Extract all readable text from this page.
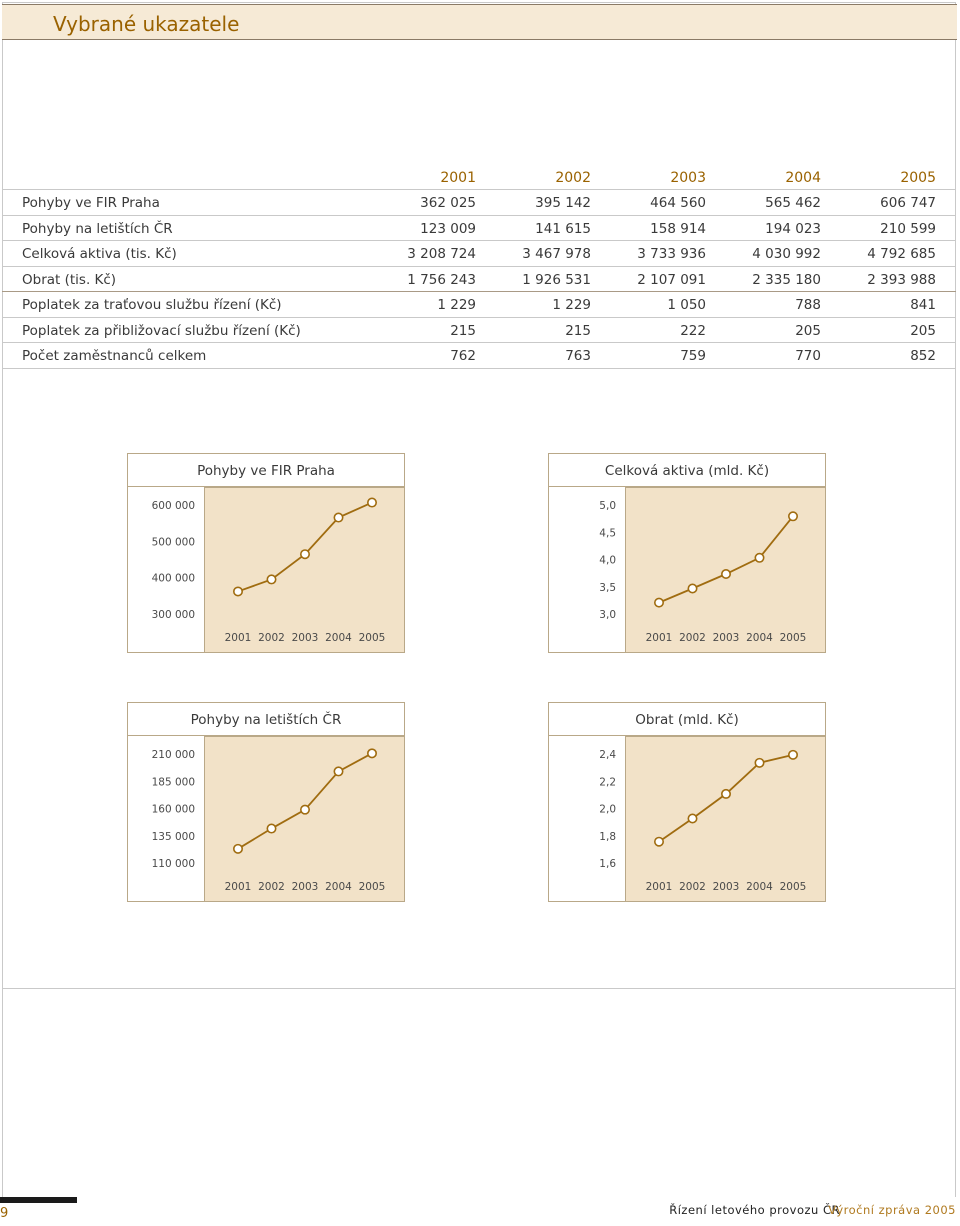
Vybrané ukazatele
2001	2002	2003	2004	2005
Pohyby ve FIR Praha	362 025	395 142	464 560	565 462	606 747
Pohyby na letištích ČR	123 009	141 615	158 914	194 023	210 599
Celková aktiva (tis. Kč)	3 208 724	3 467 978	3 733 936	4 030 992	4 792 685
Obrat (tis. Kč)	1 756 243	1 926 531	2 107 091	2 335 180	2 393 988
Poplatek za traťovou službu řízení (Kč)	1 229	1 229	1 050	788	841
Poplatek za přibližovací službu řízení (Kč)	215	215	222	205	205
Počet zaměstnanců celkem	762	763	759	770	852
Pohyby ve FIR Praha
600 000
500 000
400 000
300 000
2001 2002 2003 2004 2005
Celková aktiva (mld. Kč)
5,0
4,5
4,0
3,5
3,0
2001 2002 2003 2004 2005
Pohyby na letištích ČR
210 000
185 000
160 000
135 000
110 000
2001 2002 2003 2004 2005
Obrat (mld. Kč)
2,4
2,2
2,0
1,8
1,6
2001 2002 2003 2004 2005
9	Řízení letového provozu ČR
Výroční zpráva 2005
